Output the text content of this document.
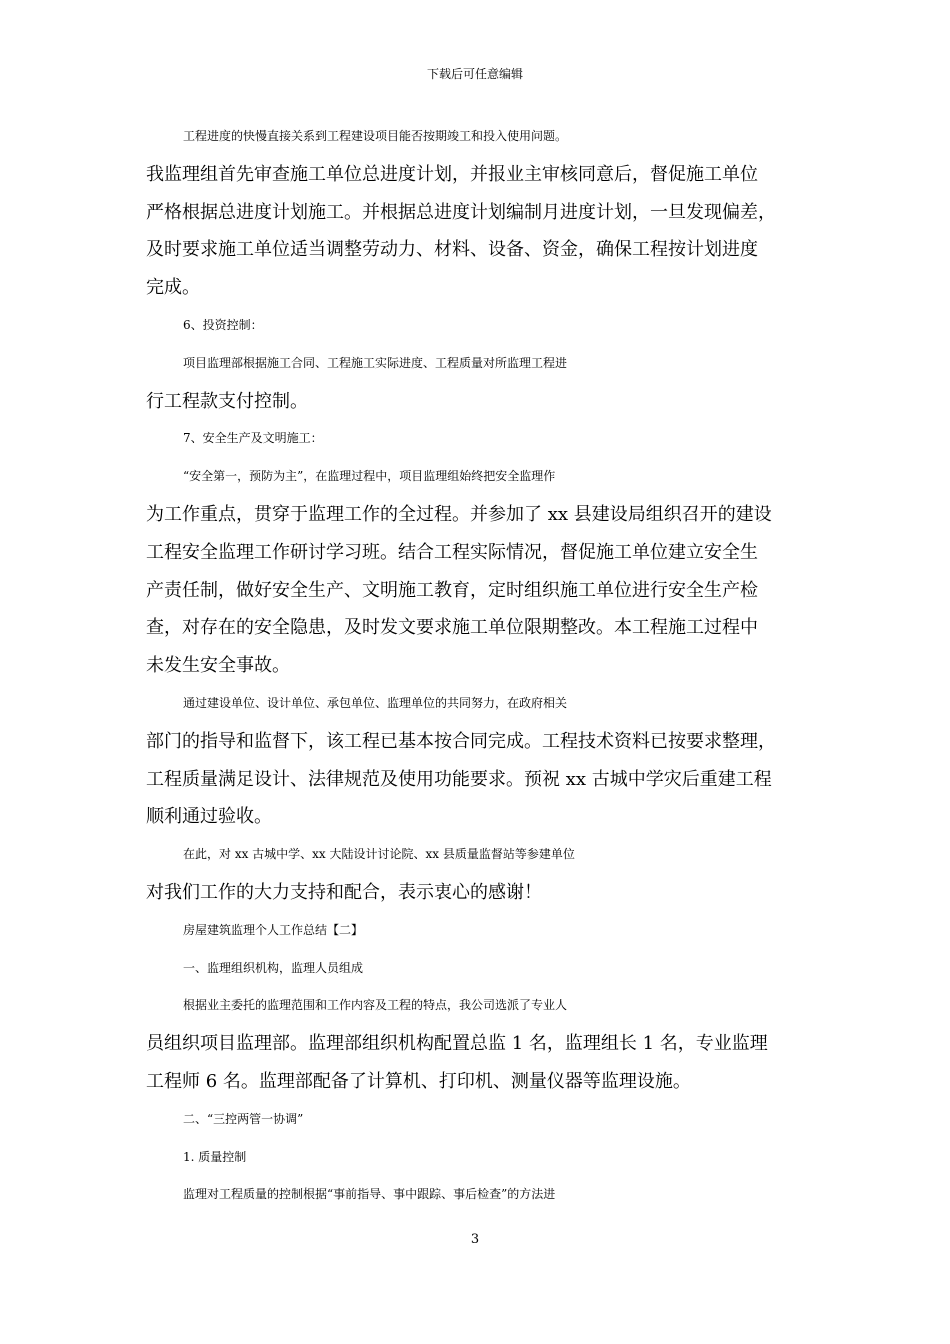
下载后可任意编辑

工程进度的快慢直接关系到工程建设项目能否按期竣工和投入使用问题。

我监理组首先审查施工单位总进度计划，并报业主审核同意后，督促施工单位

严格根据总进度计划施工。并根据总进度计划编制月进度计划，一旦发现偏差，

及时要求施工单位适当调整劳动力、材料、设备、资金，确保工程按计划进度

完成。

6、投资控制：

项目监理部根据施工合同、工程施工实际进度、工程质量对所监理工程进

行工程款支付控制。

7、安全生产及文明施工：

“安全第一，预防为主”，在监理过程中，项目监理组始终把安全监理作

为工作重点，贯穿于监理工作的全过程。并参加了 xx 县建设局组织召开的建设

工程安全监理工作研讨学习班。结合工程实际情况，督促施工单位建立安全生

产责任制，做好安全生产、文明施工教育，定时组织施工单位进行安全生产检

查，对存在的安全隐患，及时发文要求施工单位限期整改。本工程施工过程中

未发生安全事故。

通过建设单位、设计单位、承包单位、监理单位的共同努力，在政府相关

部门的指导和监督下，该工程已基本按合同完成。工程技术资料已按要求整理，

工程质量满足设计、法律规范及使用功能要求。预祝 xx 古城中学灾后重建工程

顺利通过验收。

在此，对 xx 古城中学、xx 大陆设计讨论院、xx 县质量监督站等参建单位

对我们工作的大力支持和配合，表示衷心的感谢！

房屋建筑监理个人工作总结【二】

一、监理组织机构，监理人员组成

根据业主委托的监理范围和工作内容及工程的特点，我公司选派了专业人

员组织项目监理部。监理部组织机构配置总监 1 名，监理组长 1 名，专业监理

工程师 6 名。监理部配备了计算机、打印机、测量仪器等监理设施。

二、“三控两管一协调”

1. 质量控制

监理对工程质量的控制根据“事前指导、事中跟踪、事后检查”的方法进

3
